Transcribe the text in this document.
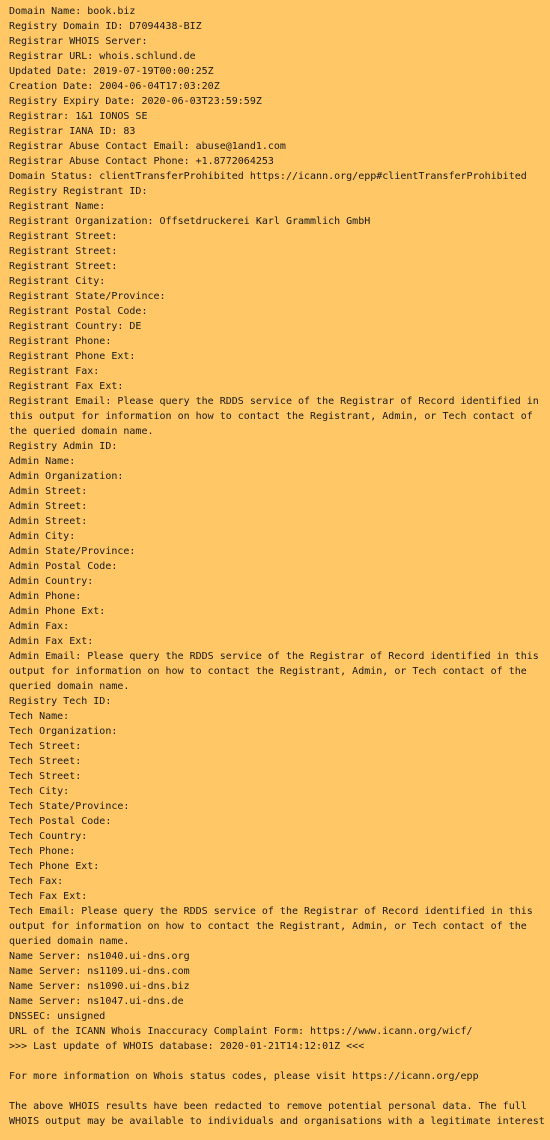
Domain Name: book.biz
Registry Domain ID: D7094438-BIZ
Registrar WHOIS Server:
Registrar URL: whois.schlund.de
Updated Date: 2019-07-19T00:00:25Z
Creation Date: 2004-06-04T17:03:20Z
Registry Expiry Date: 2020-06-03T23:59:59Z
Registrar: 1&1 IONOS SE
Registrar IANA ID: 83
Registrar Abuse Contact Email: abuse@1and1.com
Registrar Abuse Contact Phone: +1.8772064253
Domain Status: clientTransferProhibited https://icann.org/epp#clientTransferProhibited
Registry Registrant ID:
Registrant Name:
Registrant Organization: Offsetdruckerei Karl Grammlich GmbH
Registrant Street:
Registrant Street:
Registrant Street:
Registrant City:
Registrant State/Province:
Registrant Postal Code:
Registrant Country: DE
Registrant Phone:
Registrant Phone Ext:
Registrant Fax:
Registrant Fax Ext:
Registrant Email: Please query the RDDS service of the Registrar of Record identified in
this output for information on how to contact the Registrant, Admin, or Tech contact of
the queried domain name.
Registry Admin ID:
Admin Name:
Admin Organization:
Admin Street:
Admin Street:
Admin Street:
Admin City:
Admin State/Province:
Admin Postal Code:
Admin Country:
Admin Phone:
Admin Phone Ext:
Admin Fax:
Admin Fax Ext:
Admin Email: Please query the RDDS service of the Registrar of Record identified in this
output for information on how to contact the Registrant, Admin, or Tech contact of the
queried domain name.
Registry Tech ID:
Tech Name:
Tech Organization:
Tech Street:
Tech Street:
Tech Street:
Tech City:
Tech State/Province:
Tech Postal Code:
Tech Country:
Tech Phone:
Tech Phone Ext:
Tech Fax:
Tech Fax Ext:
Tech Email: Please query the RDDS service of the Registrar of Record identified in this
output for information on how to contact the Registrant, Admin, or Tech contact of the
queried domain name.
Name Server: ns1040.ui-dns.org
Name Server: ns1109.ui-dns.com
Name Server: ns1090.ui-dns.biz
Name Server: ns1047.ui-dns.de
DNSSEC: unsigned
URL of the ICANN Whois Inaccuracy Complaint Form: https://www.icann.org/wicf/
>>> Last update of WHOIS database: 2020-01-21T14:12:01Z <<<
For more information on Whois status codes, please visit https://icann.org/epp
The above WHOIS results have been redacted to remove potential personal data. The full
WHOIS output may be available to individuals and organisations with a legitimate interest
